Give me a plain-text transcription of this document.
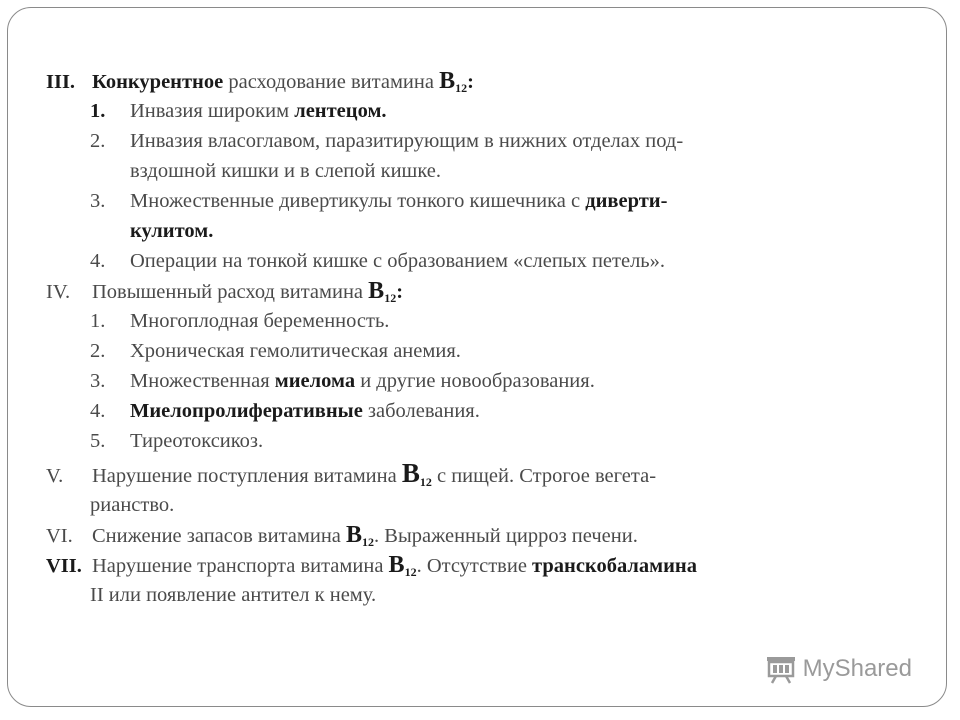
III. Конкурентное расходование витамина $B_{12}$:
1. Инвазия широким лентецом.
2. Инвазия власоглавом, паразитирующим в нижних отделах под-
вздошной кишки и в слепой кишке.
3. Множественные дивертикулы тонкого кишечника с диверти-
кулитом.
4. Операции на тонкой кишке с образованием «слепых петель».
IV. Повышенный расход витамина $B_{12}$:
1. Многоплодная беременность.
2. Хроническая гемолитическая анемия.
3. Множественная миелома и другие новообразования.
4. Миелопролиферативные заболевания.
5. Тиреотоксикоз.
V. Нарушение поступления витамина $B_{12}$ с пищей. Строгое вегета-
рианство.
VI. Снижение запасов витамина $B_{12}$. Выраженный цирроз печени.
VII. Нарушение транспорта витамина $B_{12}$. Отсутствие транскобаламина
II или появление антител к нему.
MyShared
